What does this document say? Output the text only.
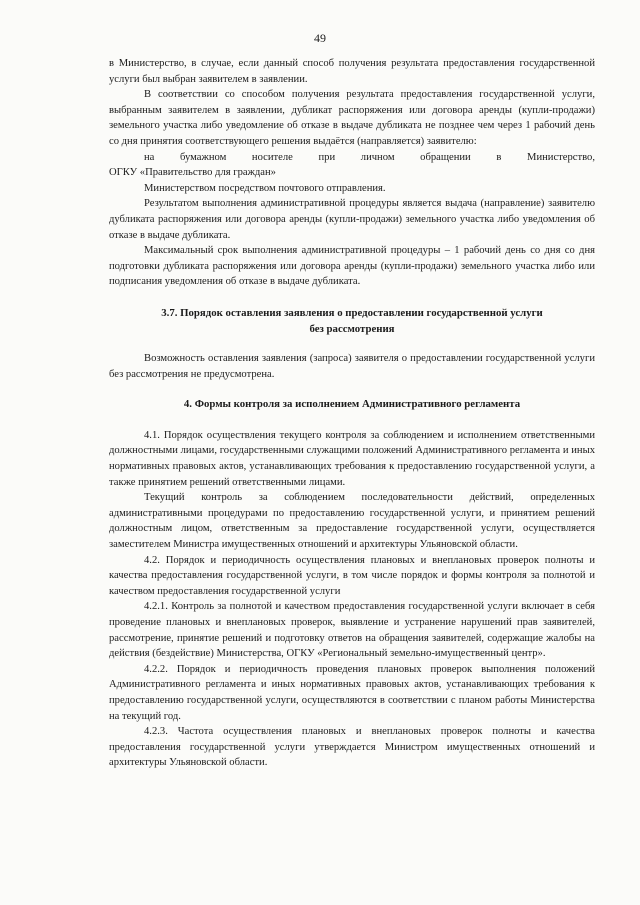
49

в Министерство, в случае, если данный способ получения результата предоставления государственной услуги был выбран заявителем в заявлении.

В соответствии со способом получения результата предоставления государственной услуги, выбранным заявителем в заявлении, дубликат распоряжения или договора аренды (купли-продажи) земельного участка либо уведомление об отказе в выдаче дубликата не позднее чем через 1 рабочий день со дня принятия соответствующего решения выдаётся (направляется) заявителю:

на бумажном носителе при личном обращении в Министерство,

ОГКУ «Правительство для граждан»

Министерством посредством почтового отправления.

Результатом выполнения административной процедуры является выдача (направление) заявителю дубликата распоряжения или договора аренды (купли-продажи) земельного участка либо уведомления об отказе в выдаче дубликата.

Максимальный срок выполнения административной процедуры – 1 рабочий день со дня со дня подготовки дубликата распоряжения или договора аренды (купли-продажи) земельного участка либо или подписания уведомления об отказе в выдаче дубликата.

3.7. Порядок оставления заявления о предоставлении государственной услуги

без рассмотрения

Возможность оставления заявления (запроса) заявителя о предоставлении государственной услуги без рассмотрения не предусмотрена.

4. Формы контроля за исполнением Административного регламента

4.1. Порядок осуществления текущего контроля за соблюдением и исполнением ответственными должностными лицами, государственными служащими положений Административного регламента и иных нормативных правовых актов, устанавливающих требования к предоставлению государственной услуги, а также принятием решений ответственными лицами.

Текущий контроль за соблюдением последовательности действий, определенных административными процедурами по предоставлению государственной услуги, и принятием решений должностным лицом, ответственным за предоставление государственной услуги, осуществляется заместителем Министра имущественных отношений и архитектуры Ульяновской области.

4.2. Порядок и периодичность осуществления плановых и внеплановых проверок полноты и качества предоставления государственной услуги, в том числе порядок и формы контроля за полнотой и качеством предоставления государственной услуги

4.2.1. Контроль за полнотой и качеством предоставления государственной услуги включает в себя проведение плановых и внеплановых проверок, выявление и устранение нарушений прав заявителей, рассмотрение, принятие решений и подготовку ответов на обращения заявителей, содержащие жалобы на действия (бездействие) Министерства, ОГКУ «Региональный земельно-имущественный центр».

4.2.2. Порядок и периодичность проведения плановых проверок выполнения положений Административного регламента и иных нормативных правовых актов, устанавливающих требования к предоставлению государственной услуги, осуществляются в соответствии с планом работы Министерства на текущий год.

4.2.3. Частота осуществления плановых и внеплановых проверок полноты и качества предоставления государственной услуги утверждается Министром имущественных отношений и архитектуры Ульяновской области.
